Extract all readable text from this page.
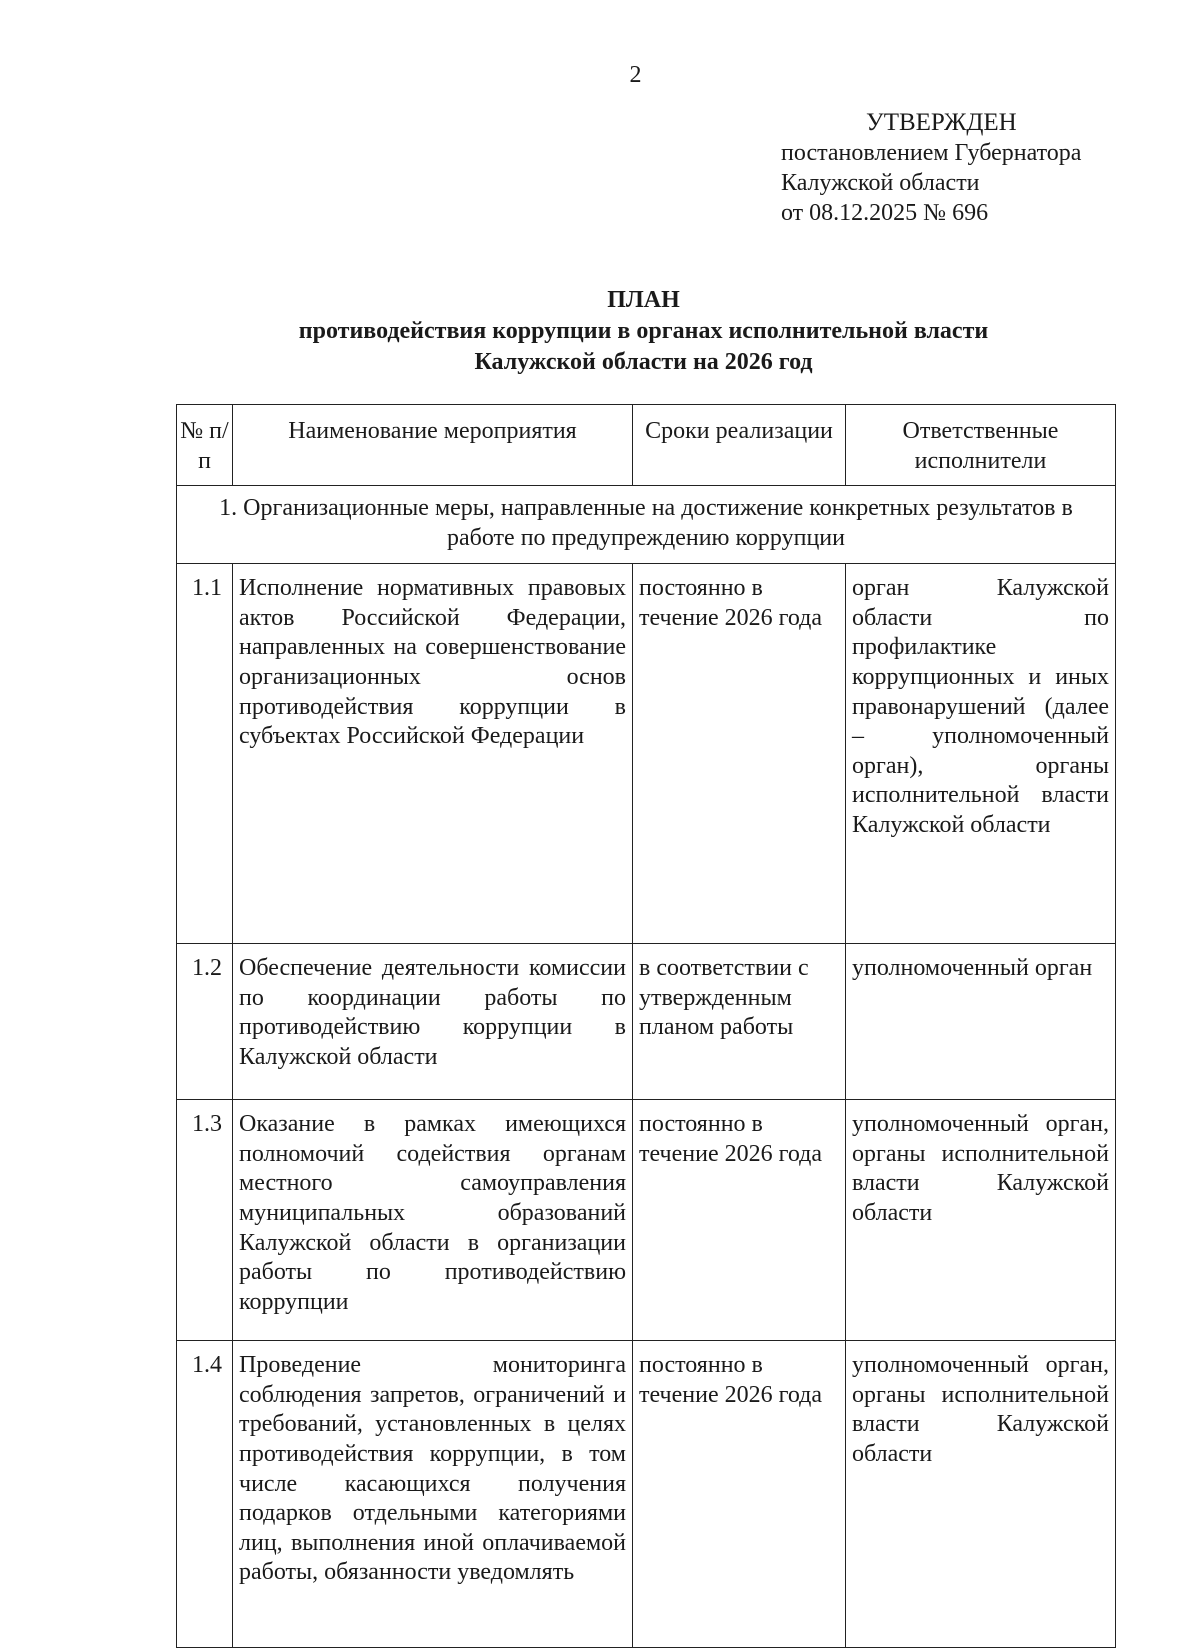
2
УТВЕРЖДЕН
постановлением Губернатора
Калужской области
от 08.12.2025 № 696
ПЛАН
противодействия коррупции в органах исполнительной власти
Калужской области на 2026 год
№ п/п	Наименование мероприятия	Сроки реализации	Ответственные исполнители
1. Организационные меры, направленные на достижение конкретных результатов в работе по предупреждению коррупции			
1.1	Исполнение нормативных правовых актов Российской Федерации, направленных на совершенствование организационных основ противодействия коррупции в субъектах Российской Федерации	постоянно в течение 2026 года	орган Калужской области по профилактике коррупционных и иных правонарушений (далее – уполномоченный орган), органы исполнительной власти Калужской области
1.2	Обеспечение деятельности комиссии по координации работы по противодействию коррупции в Калужской области	в соответствии с утвержденным планом работы	уполномоченный орган
1.3	Оказание в рамках имеющихся полномочий содействия органам местного самоуправления муниципальных образований Калужской области в организации работы по противодействию коррупции	постоянно в течение 2026 года	уполномоченный орган, органы исполнительной власти Калужской области
1.4	Проведение мониторинга соблюдения запретов, ограничений и требований, установленных в целях противодействия коррупции, в том числе касающихся получения подарков отдельными категориями лиц, выполнения иной оплачиваемой работы, обязанности уведомлять	постоянно в течение 2026 года	уполномоченный орган, органы исполнительной власти Калужской области
